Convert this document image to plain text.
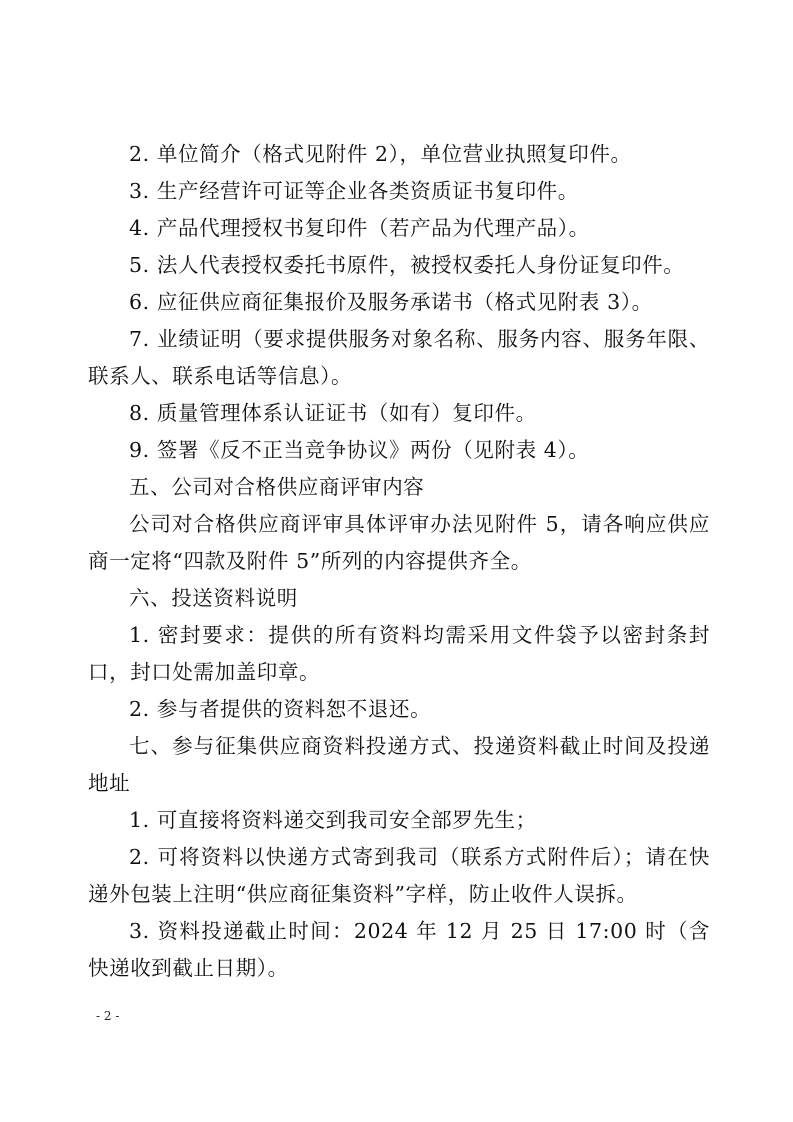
2. 单位简介（格式见附件 2），单位营业执照复印件。

3. 生产经营许可证等企业各类资质证书复印件。

4. 产品代理授权书复印件（若产品为代理产品）。

5. 法人代表授权委托书原件，被授权委托人身份证复印件。

6. 应征供应商征集报价及服务承诺书（格式见附表 3）。

7. 业绩证明（要求提供服务对象名称、服务内容、服务年限、联系人、联系电话等信息）。

8. 质量管理体系认证证书（如有）复印件。

9. 签署《反不正当竞争协议》两份（见附表 4）。

五、公司对合格供应商评审内容

公司对合格供应商评审具体评审办法见附件 5，请各响应供应商一定将“四款及附件 5”所列的内容提供齐全。

六、投送资料说明

1. 密封要求：提供的所有资料均需采用文件袋予以密封条封口，封口处需加盖印章。

2. 参与者提供的资料恕不退还。

七、参与征集供应商资料投递方式、投递资料截止时间及投递地址

1. 可直接将资料递交到我司安全部罗先生；

2. 可将资料以快递方式寄到我司（联系方式附件后）；请在快递外包装上注明“供应商征集资料”字样，防止收件人误拆。

3. 资料投递截止时间：2024 年 12 月 25 日 17:00 时（含快递收到截止日期）。

- 2 -
